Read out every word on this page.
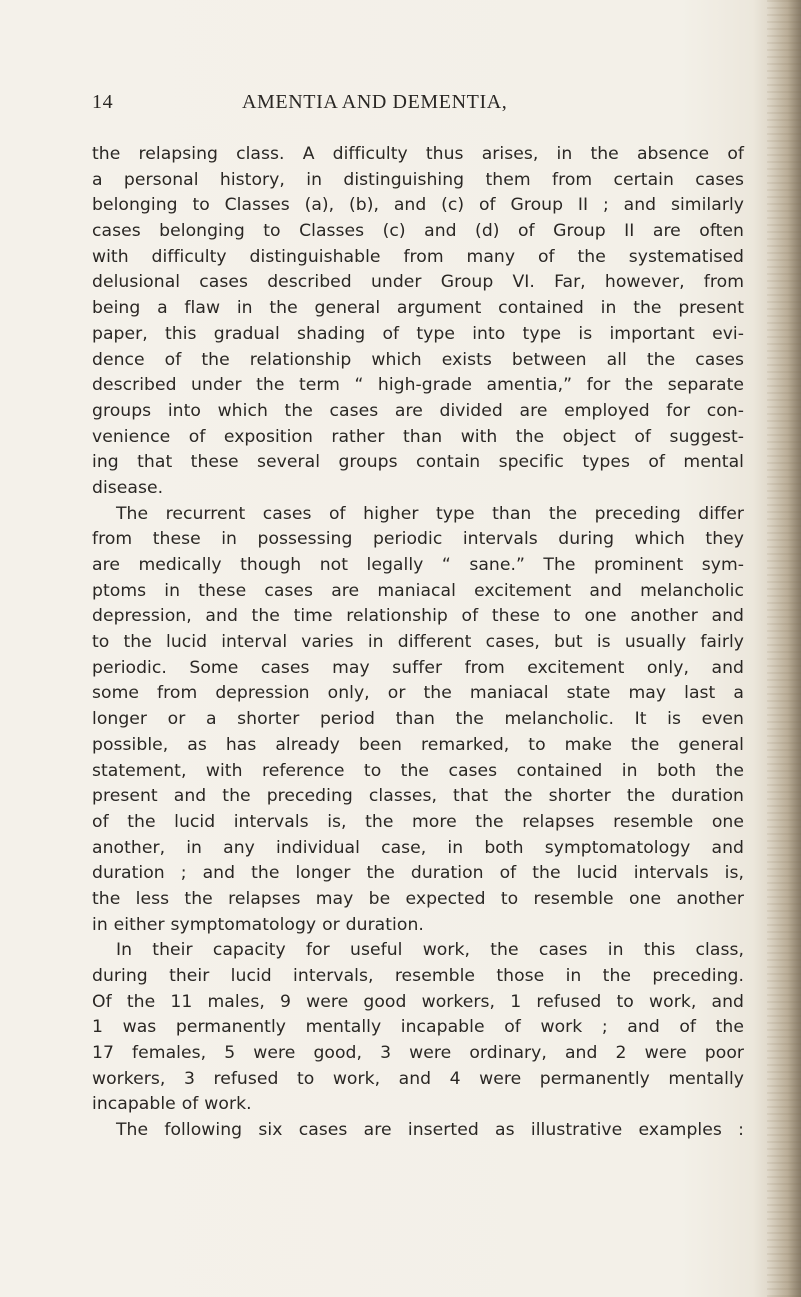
14	AMENTIA AND DEMENTIA,
the relapsing class. A difficulty thus arises, in the absence of
a personal history, in distinguishing them from certain cases
belonging to Classes (a), (b), and (c) of Group II ; and similarly
cases belonging to Classes (c) and (d) of Group II are often
with difficulty distinguishable from many of the systematised
delusional cases described under Group VI. Far, however, from
being a flaw in the general argument contained in the present
paper, this gradual shading of type into type is important evi-
dence of the relationship which exists between all the cases
described under the term “ high-grade amentia,” for the separate
groups into which the cases are divided are employed for con-
venience of exposition rather than with the object of suggest-
ing that these several groups contain specific types of mental
disease.
The recurrent cases of higher type than the preceding differ
from these in possessing periodic intervals during which they
are medically though not legally “ sane.” The prominent sym-
ptoms in these cases are maniacal excitement and melancholic
depression, and the time relationship of these to one another and
to the lucid interval varies in different cases, but is usually fairly
periodic. Some cases may suffer from excitement only, and
some from depression only, or the maniacal state may last a
longer or a shorter period than the melancholic. It is even
possible, as has already been remarked, to make the general
statement, with reference to the cases contained in both the
present and the preceding classes, that the shorter the duration
of the lucid intervals is, the more the relapses resemble one
another, in any individual case, in both symptomatology and
duration ; and the longer the duration of the lucid intervals is,
the less the relapses may be expected to resemble one another
in either symptomatology or duration.
In their capacity for useful work, the cases in this class,
during their lucid intervals, resemble those in the preceding.
Of the 11 males, 9 were good workers, 1 refused to work, and
1 was permanently mentally incapable of work ; and of the
17 females, 5 were good, 3 were ordinary, and 2 were poor
workers, 3 refused to work, and 4 were permanently mentally
incapable of work.
The following six cases are inserted as illustrative examples :
